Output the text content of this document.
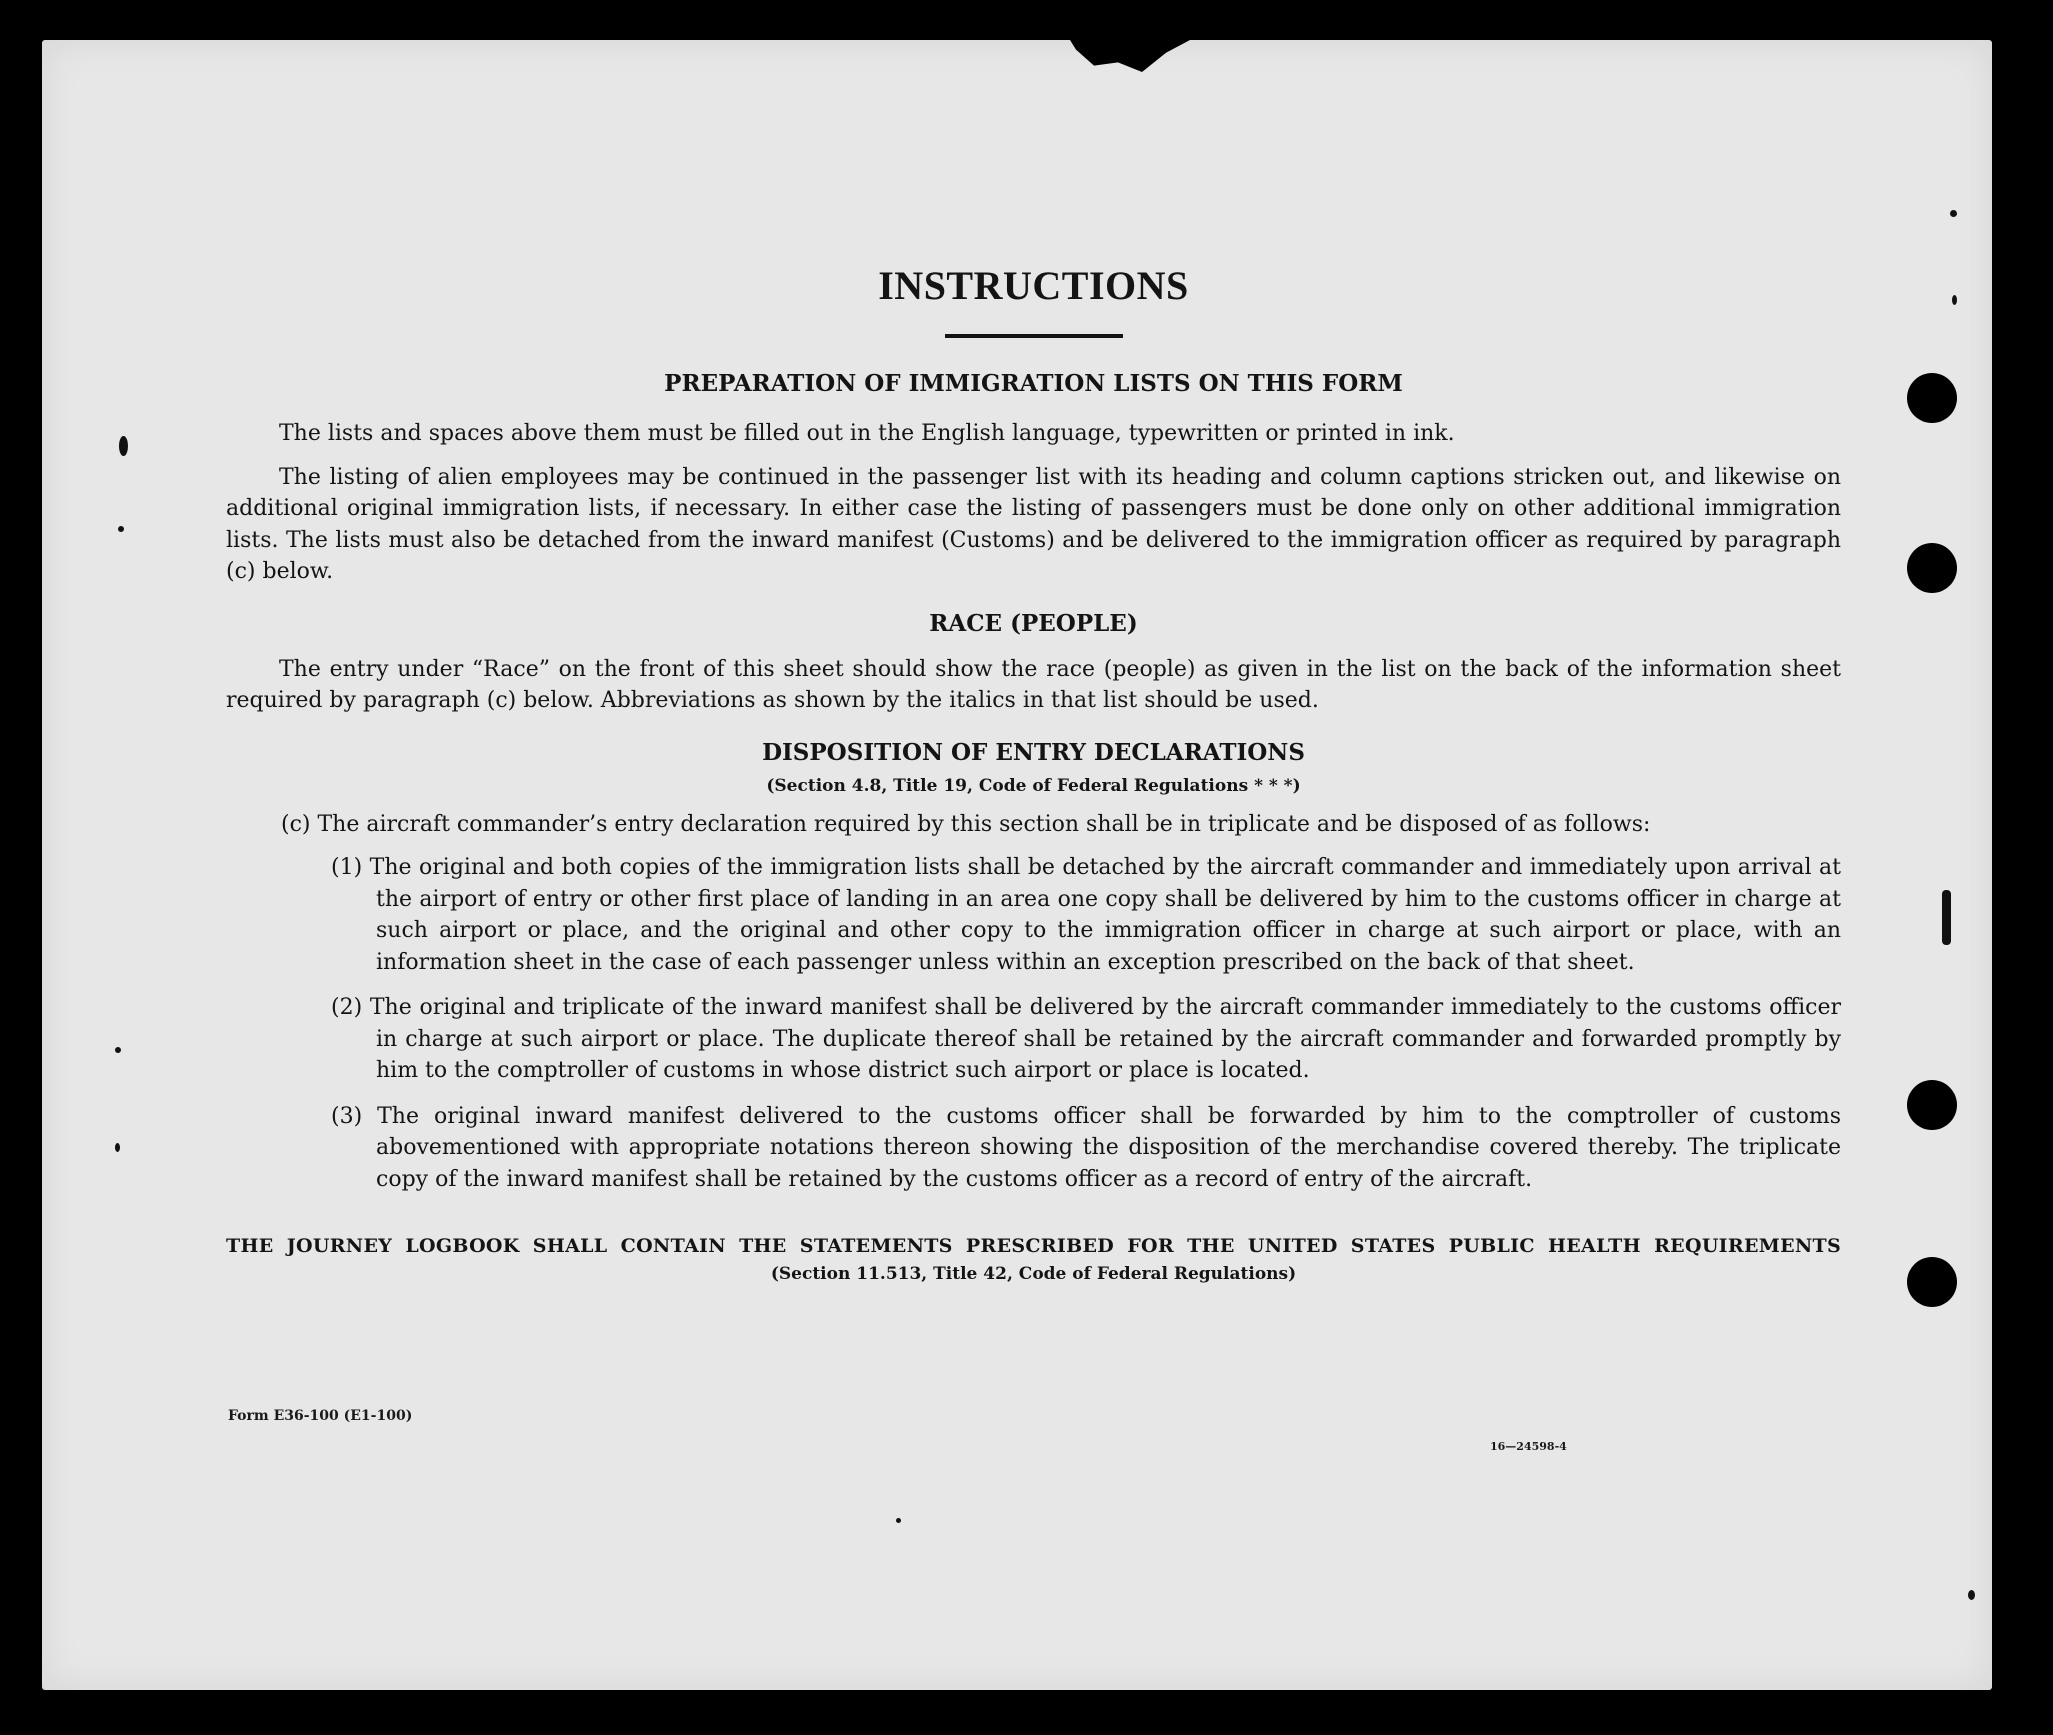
INSTRUCTIONS
PREPARATION OF IMMIGRATION LISTS ON THIS FORM

The lists and spaces above them must be filled out in the English language, typewritten or printed in ink.

The listing of alien employees may be continued in the passenger list with its heading and column captions stricken out, and likewise on additional original immigration lists, if necessary. In either case the listing of passengers must be done only on other additional immigration lists. The lists must also be detached from the inward manifest (Customs) and be delivered to the immigration officer as required by paragraph (c) below.

RACE (PEOPLE)

The entry under “Race” on the front of this sheet should show the race (people) as given in the list on the back of the information sheet required by paragraph (c) below. Abbreviations as shown by the italics in that list should be used.

DISPOSITION OF ENTRY DECLARATIONS
(Section 4.8, Title 19, Code of Federal Regulations * * *)

(c) The aircraft commander’s entry declaration required by this section shall be in triplicate and be disposed of as follows:

(1) The original and both copies of the immigration lists shall be detached by the aircraft commander and immediately upon arrival at the airport of entry or other first place of landing in an area one copy shall be delivered by him to the customs officer in charge at such airport or place, and the original and other copy to the immigration officer in charge at such airport or place, with an information sheet in the case of each passenger unless within an exception prescribed on the back of that sheet.

(2) The original and triplicate of the inward manifest shall be delivered by the aircraft commander immediately to the customs officer in charge at such airport or place. The duplicate thereof shall be retained by the aircraft commander and forwarded promptly by him to the comptroller of customs in whose district such airport or place is located.

(3) The original inward manifest delivered to the customs officer shall be forwarded by him to the comptroller of customs abovementioned with appropriate notations thereon showing the disposition of the merchandise covered thereby. The triplicate copy of the inward manifest shall be retained by the customs officer as a record of entry of the aircraft.

THE JOURNEY LOGBOOK SHALL CONTAIN THE STATEMENTS PRESCRIBED FOR THE UNITED STATES PUBLIC HEALTH REQUIREMENTS
(Section 11.513, Title 42, Code of Federal Regulations)
Form E36-100 (E1-100)
16—24598-4
